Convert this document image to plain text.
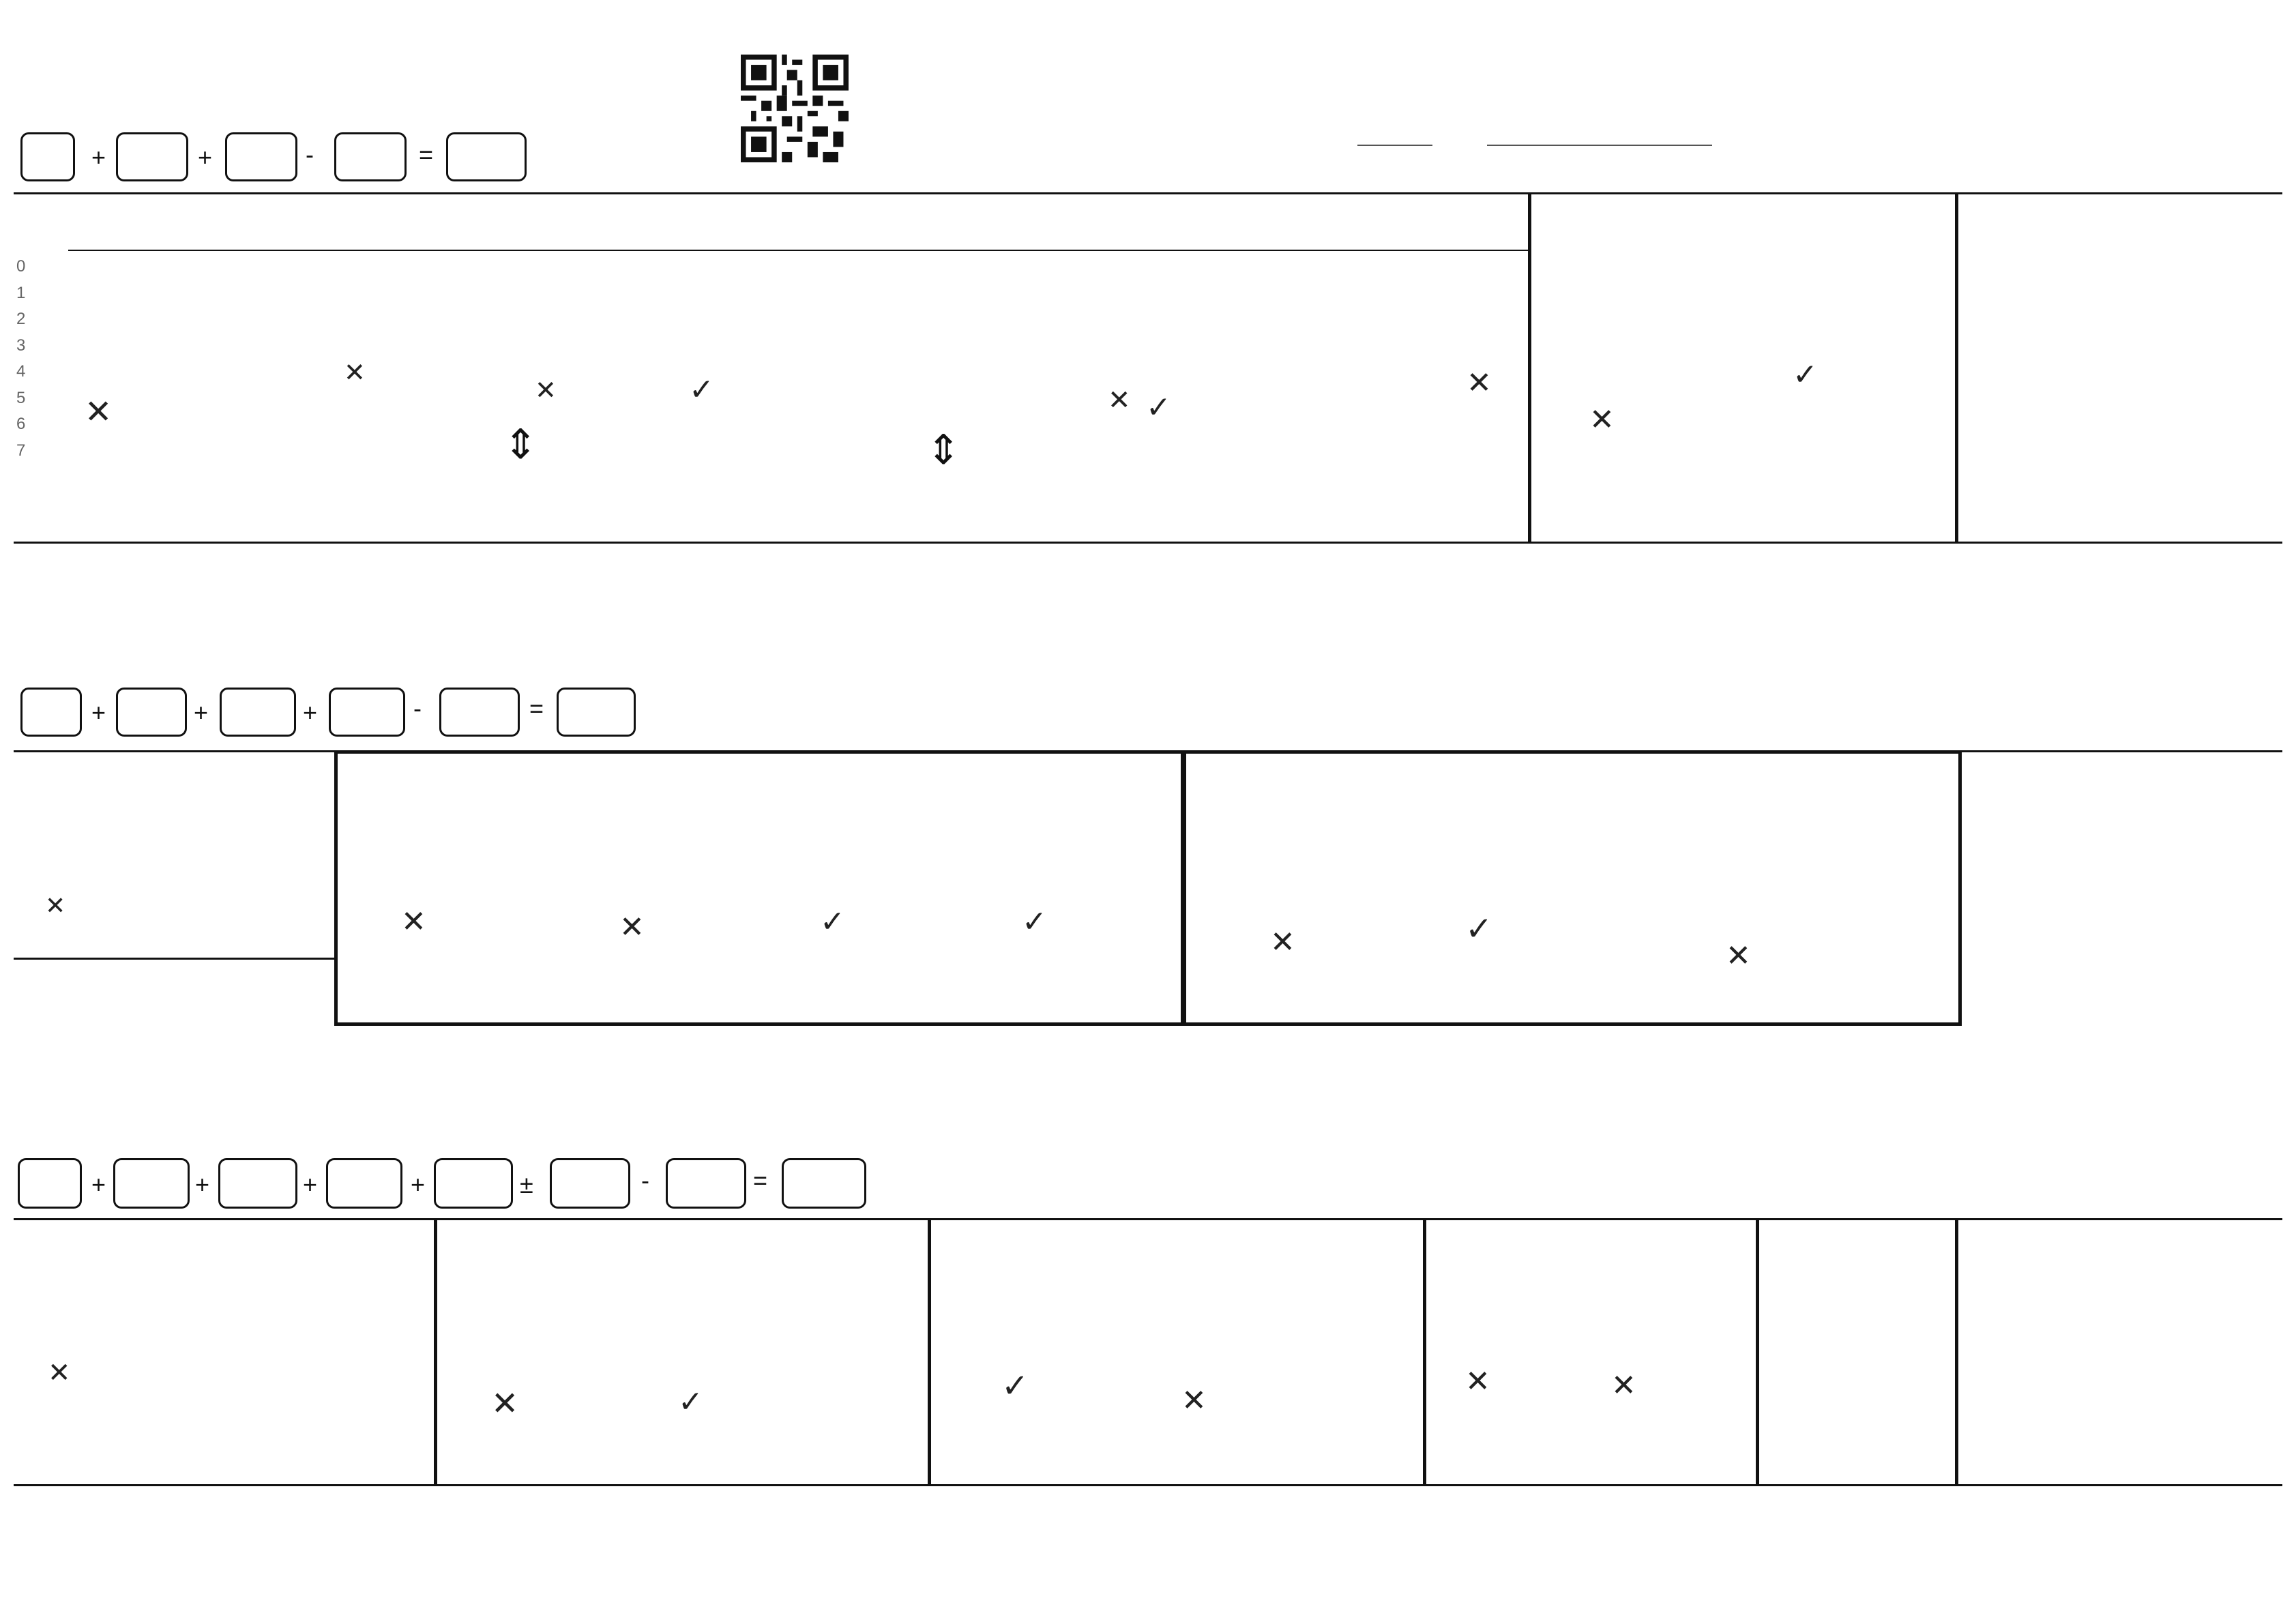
+	+	-	=
0
1
2
3
4
5
6
7	⇕	⇕
✕
✕
✕	✓	✕ ✓
✕
✕
✓
+	+	+	-	=
✕	✕	✕	✓	✓
✕	✓
✕
+	+	+	+	±	-	=
✕
✕	✓	✓	✕
✕	✕
